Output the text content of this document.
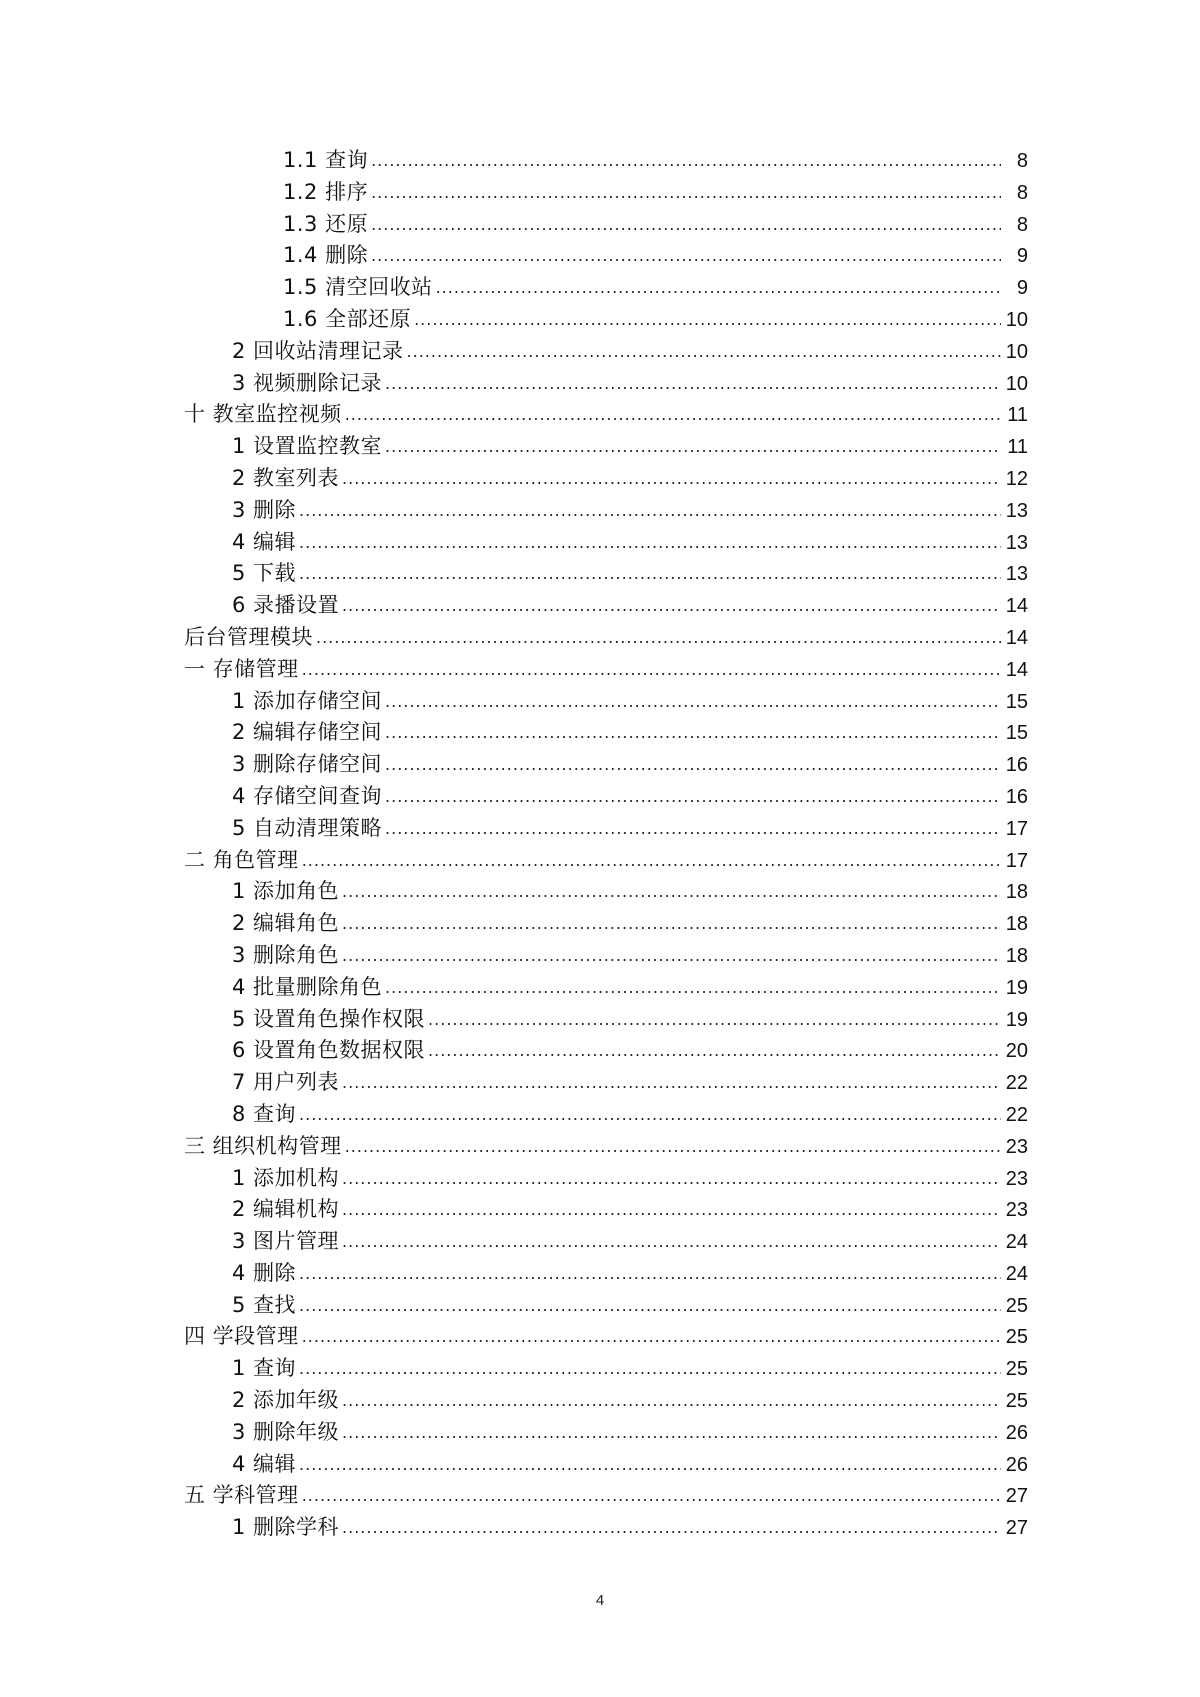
1.1 查询 .....	8
1.2 排序 .....	8
1.3 还原 .....	8
1.4 删除 .....	9
1.5 清空回收站 .....	9
1.6 全部还原 .....	10
2 回收站清理记录 .....	10
3 视频删除记录 .....	10
十 教室监控视频 .....	11
1 设置监控教室 .....	11
2 教室列表 .....	12
3 删除 .....	13
4 编辑 .....	13
5 下载 .....	13
6 录播设置 .....	14
后台管理模块 .....	14
一 存储管理 .....	14
1 添加存储空间 .....	15
2 编辑存储空间 .....	15
3 删除存储空间 .....	16
4 存储空间查询 .....	16
5 自动清理策略 .....	17
二 角色管理 .....	17
1 添加角色 .....	18
2 编辑角色 .....	18
3 删除角色 .....	18
4 批量删除角色 .....	19
5 设置角色操作权限 .....	19
6 设置角色数据权限 .....	20
7 用户列表 .....	22
8 查询 .....	22
三 组织机构管理 .....	23
1 添加机构 .....	23
2 编辑机构 .....	23
3 图片管理 .....	24
4 删除 .....	24
5 查找 .....	25
四 学段管理 .....	25
1 查询 .....	25
2 添加年级 .....	25
3 删除年级 .....	26
4 编辑 .....	26
五 学科管理 .....	27
1 删除学科 .....	27
4
